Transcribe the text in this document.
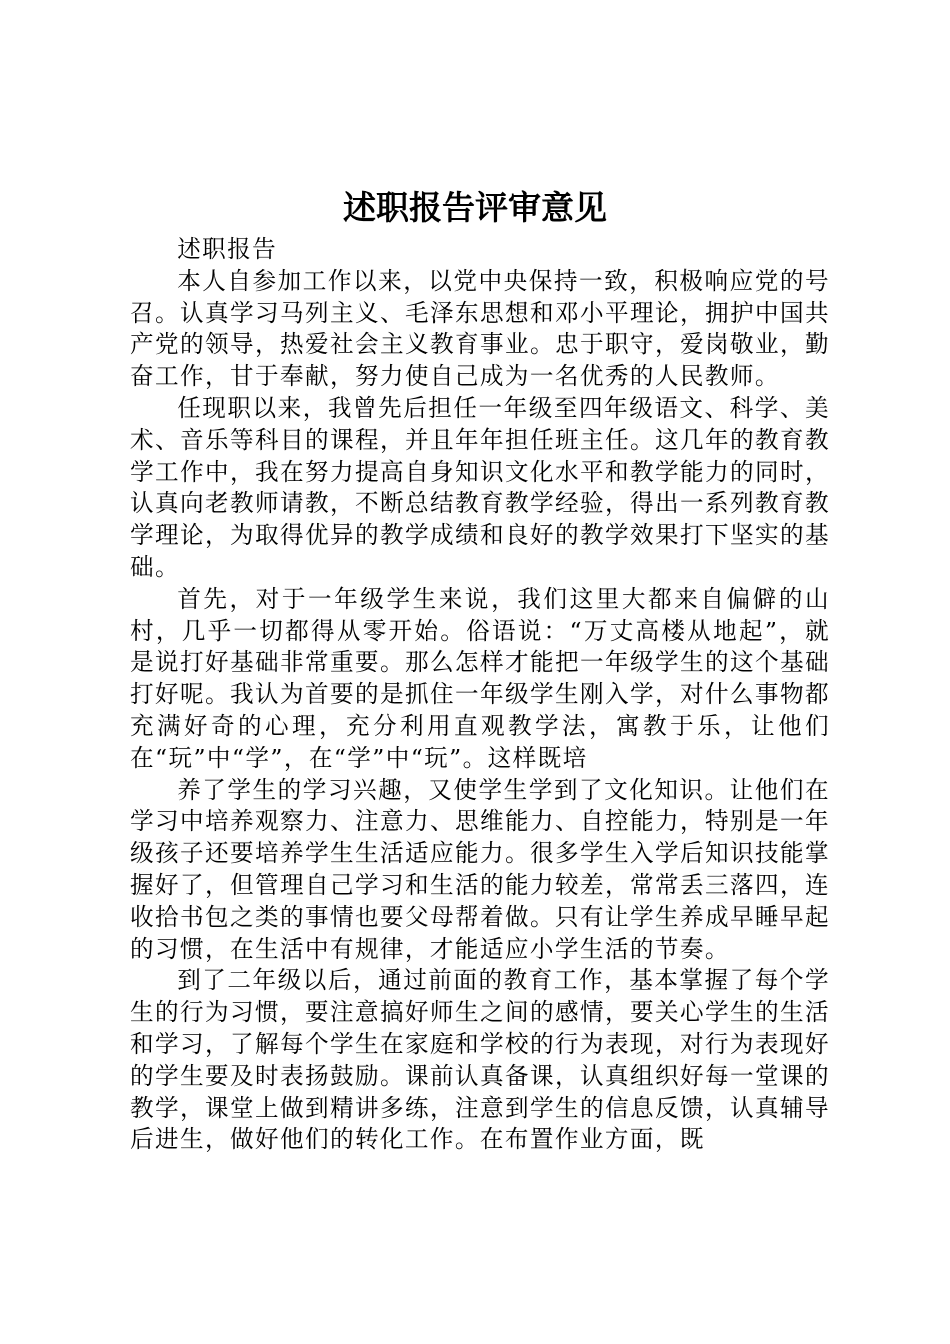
述职报告评审意见

述职报告

本人自参加工作以来，以党中央保持一致，积极响应党的号召。认真学习马列主义、毛泽东思想和邓小平理论，拥护中国共产党的领导，热爱社会主义教育事业。忠于职守，爱岗敬业，勤奋工作，甘于奉献，努力使自己成为一名优秀的人民教师。

任现职以来，我曾先后担任一年级至四年级语文、科学、美术、音乐等科目的课程，并且年年担任班主任。这几年的教育教学工作中，我在努力提高自身知识文化水平和教学能力的同时，认真向老教师请教，不断总结教育教学经验，得出一系列教育教学理论，为取得优异的教学成绩和良好的教学效果打下坚实的基础。

首先，对于一年级学生来说，我们这里大都来自偏僻的山村，几乎一切都得从零开始。俗语说：“万丈高楼从地起”，就是说打好基础非常重要。那么怎样才能把一年级学生的这个基础打好呢。我认为首要的是抓住一年级学生刚入学，对什么事物都充满好奇的心理，充分利用直观教学法，寓教于乐，让他们在“玩”中“学”，在“学”中“玩”。这样既培

养了学生的学习兴趣，又使学生学到了文化知识。让他们在学习中培养观察力、注意力、思维能力、自控能力，特别是一年级孩子还要培养学生生活适应能力。很多学生入学后知识技能掌握好了，但管理自己学习和生活的能力较差，常常丢三落四，连收拾书包之类的事情也要父母帮着做。只有让学生养成早睡早起的习惯，在生活中有规律，才能适应小学生活的节奏。

到了二年级以后，通过前面的教育工作，基本掌握了每个学生的行为习惯，要注意搞好师生之间的感情，要关心学生的生活和学习，了解每个学生在家庭和学校的行为表现，对行为表现好的学生要及时表扬鼓励。课前认真备课，认真组织好每一堂课的教学，课堂上做到精讲多练，注意到学生的信息反馈，认真辅导后进生，做好他们的转化工作。在布置作业方面，既
